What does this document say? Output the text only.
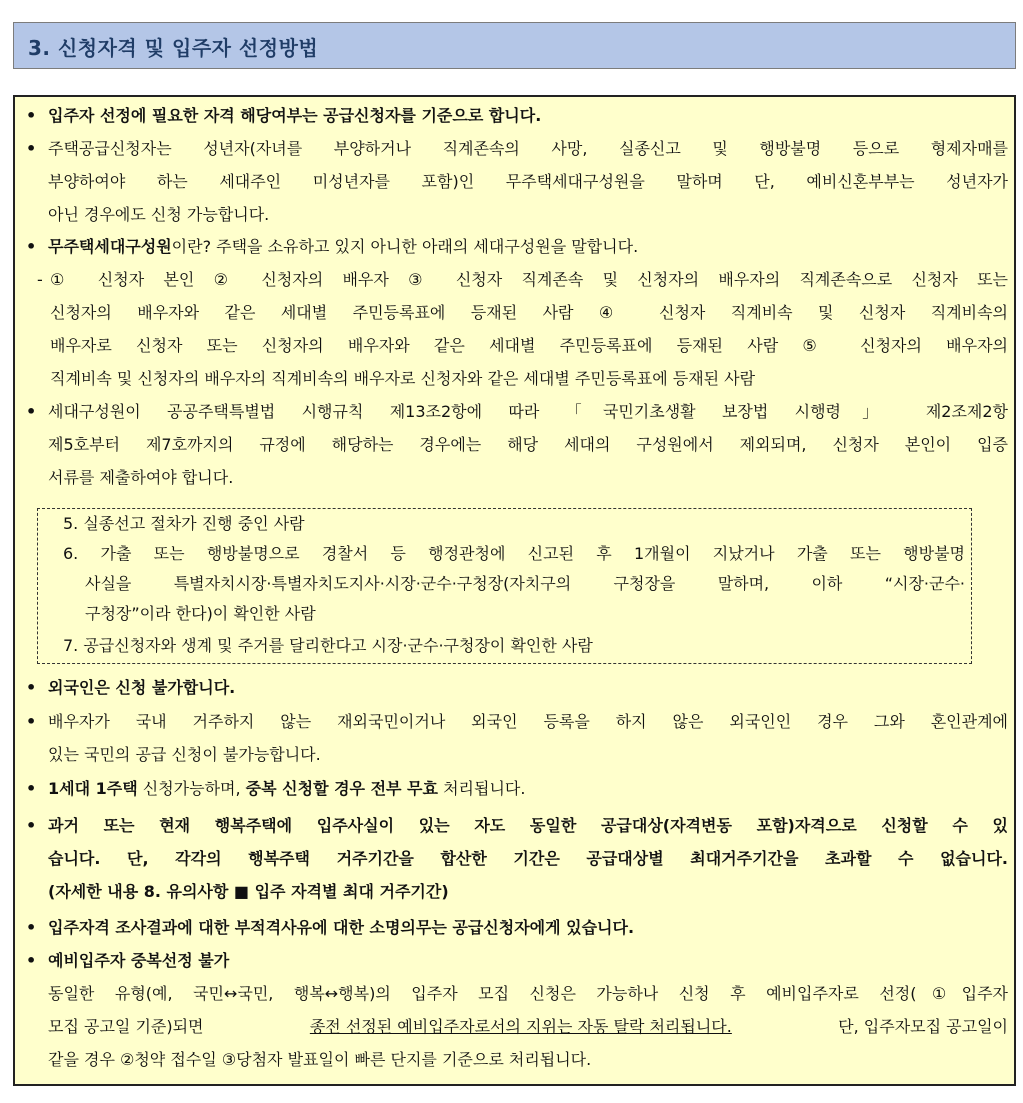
3. 신청자격 및 입주자 선정방법
• 입주자 선정에 필요한 자격 해당여부는 공급신청자를 기준으로 합니다.
• 주택공급신청자는 성년자(자녀를 부양하거나 직계존속의 사망, 실종신고 및 행방불명 등으로 형제자매를
부양하여야 하는 세대주인 미성년자를 포함)인 무주택세대구성원을 말하며 단, 예비신혼부부는 성년자가
아닌 경우에도 신청 가능합니다.
• 무주택세대구성원이란? 주택을 소유하고 있지 아니한 아래의 세대구성원을 말합니다.
- ① 신청자 본인 ② 신청자의 배우자 ③ 신청자 직계존속 및 신청자의 배우자의 직계존속으로 신청자 또는
신청자의 배우자와 같은 세대별 주민등록표에 등재된 사람 ④ 신청자 직계비속 및 신청자 직계비속의
배우자로 신청자 또는 신청자의 배우자와 같은 세대별 주민등록표에 등재된 사람 ⑤ 신청자의 배우자의
직계비속 및 신청자의 배우자의 직계비속의 배우자로 신청자와 같은 세대별 주민등록표에 등재된 사람
• 세대구성원이 공공주택특별법 시행규칙 제13조2항에 따라 「국민기초생활 보장법 시행령」 제2조제2항
제5호부터 제7호까지의 규정에 해당하는 경우에는 해당 세대의 구성원에서 제외되며, 신청자 본인이 입증
서류를 제출하여야 합니다.
5. 실종선고 절차가 진행 중인 사람
6. 가출 또는 행방불명으로 경찰서 등 행정관청에 신고된 후 1개월이 지났거나 가출 또는 행방불명
사실을 특별자치시장·특별자치도지사·시장·군수·구청장(자치구의 구청장을 말하며, 이하 “시장·군수·
구청장”이라 한다)이 확인한 사람
7. 공급신청자와 생계 및 주거를 달리한다고 시장·군수·구청장이 확인한 사람
• 외국인은 신청 불가합니다.
• 배우자가 국내 거주하지 않는 재외국민이거나 외국인 등록을 하지 않은 외국인인 경우 그와 혼인관계에
있는 국민의 공급 신청이 불가능합니다.
• 1세대 1주택 신청가능하며, 중복 신청할 경우 전부 무효 처리됩니다.
• 과거 또는 현재 행복주택에 입주사실이 있는 자도 동일한 공급대상(자격변동 포함)자격으로 신청할 수 있
습니다. 단, 각각의 행복주택 거주기간을 합산한 기간은 공급대상별 최대거주기간을 초과할 수 없습니다.
(자세한 내용 8. 유의사항 ■ 입주 자격별 최대 거주기간)
• 입주자격 조사결과에 대한 부적격사유에 대한 소명의무는 공급신청자에게 있습니다.
• 예비입주자 중복선정 불가
동일한 유형(예, 국민↔국민, 행복↔행복)의 입주자 모집 신청은 가능하나 신청 후 예비입주자로 선정(①입주자
모집 공고일 기준)되면	종전 선정된 예비입주자로서의 지위는 자동 탈락 처리됩니다.	단, 입주자모집 공고일이
같을 경우 ②청약 접수일 ③당첨자 발표일이 빠른 단지를 기준으로 처리됩니다.
